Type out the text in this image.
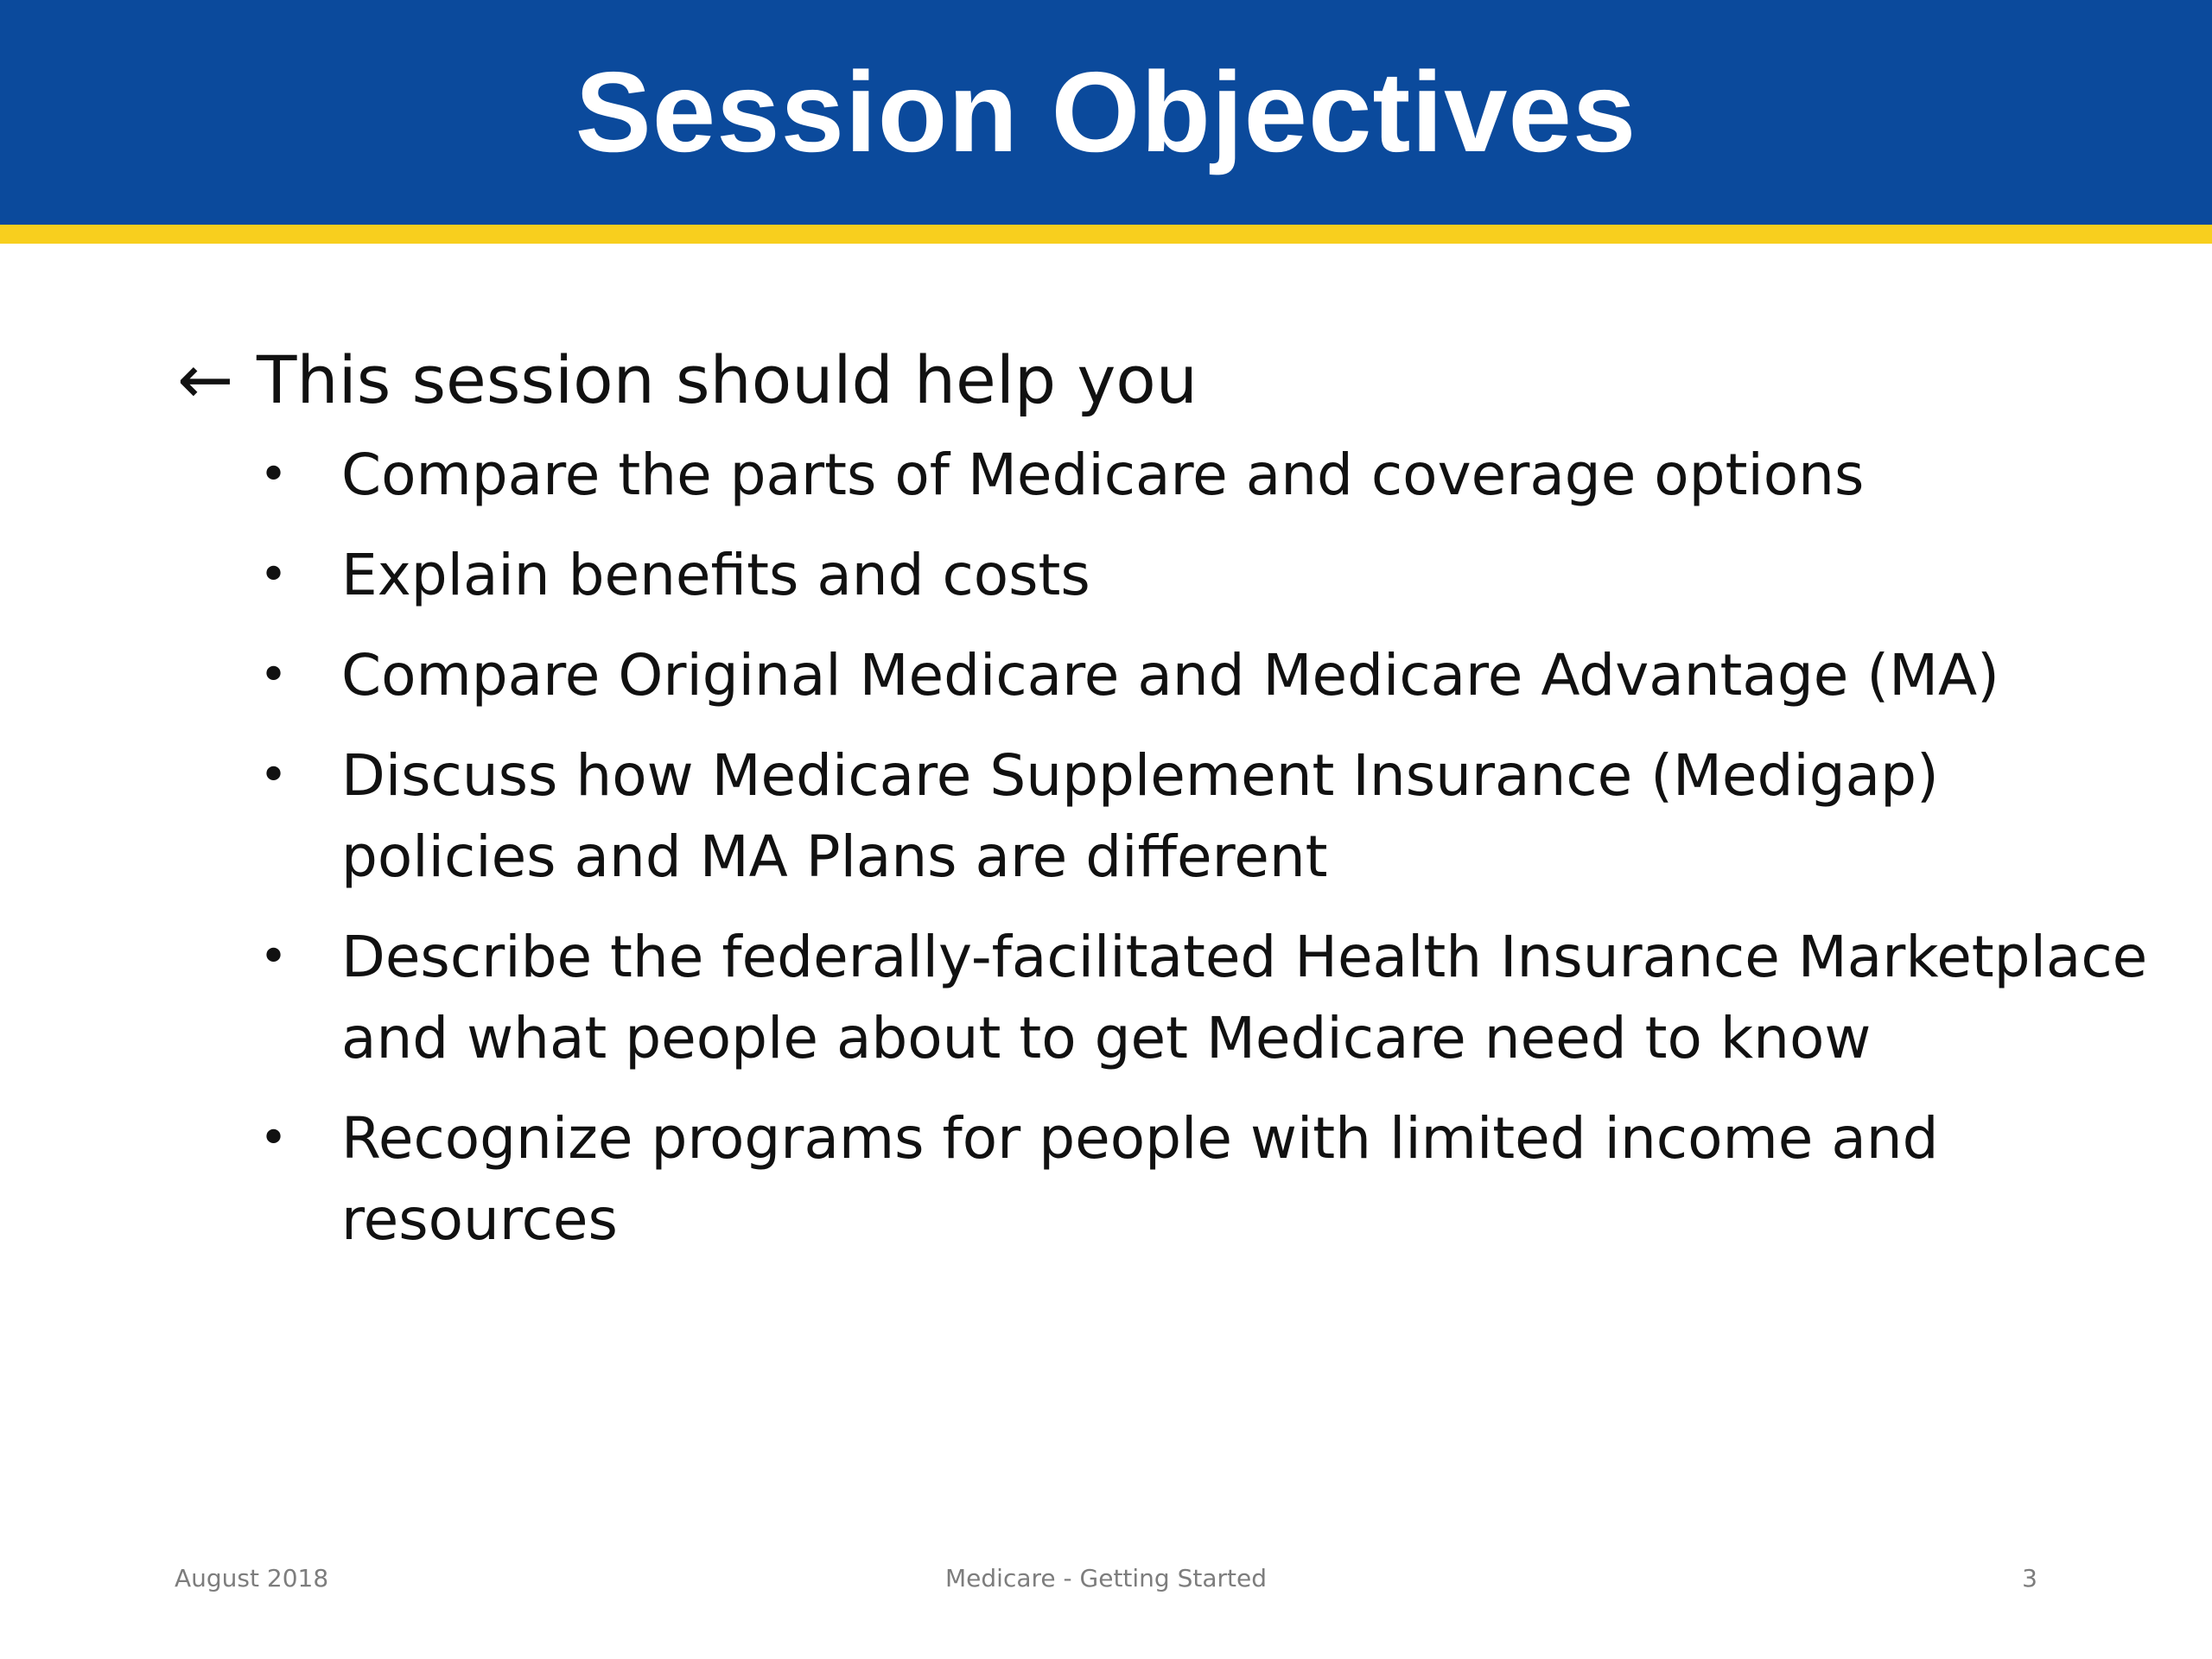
Session Objectives
← This session should help you
• Compare the parts of Medicare and coverage options
• Explain benefits and costs
• Compare Original Medicare and Medicare Advantage (MA)
• Discuss how Medicare Supplement Insurance (Medigap) policies and MA Plans are different
• Describe the federally-facilitated Health Insurance Marketplace and what people about to get Medicare need to know
• Recognize programs for people with limited income and resources
August 2018	Medicare - Getting Started	3
